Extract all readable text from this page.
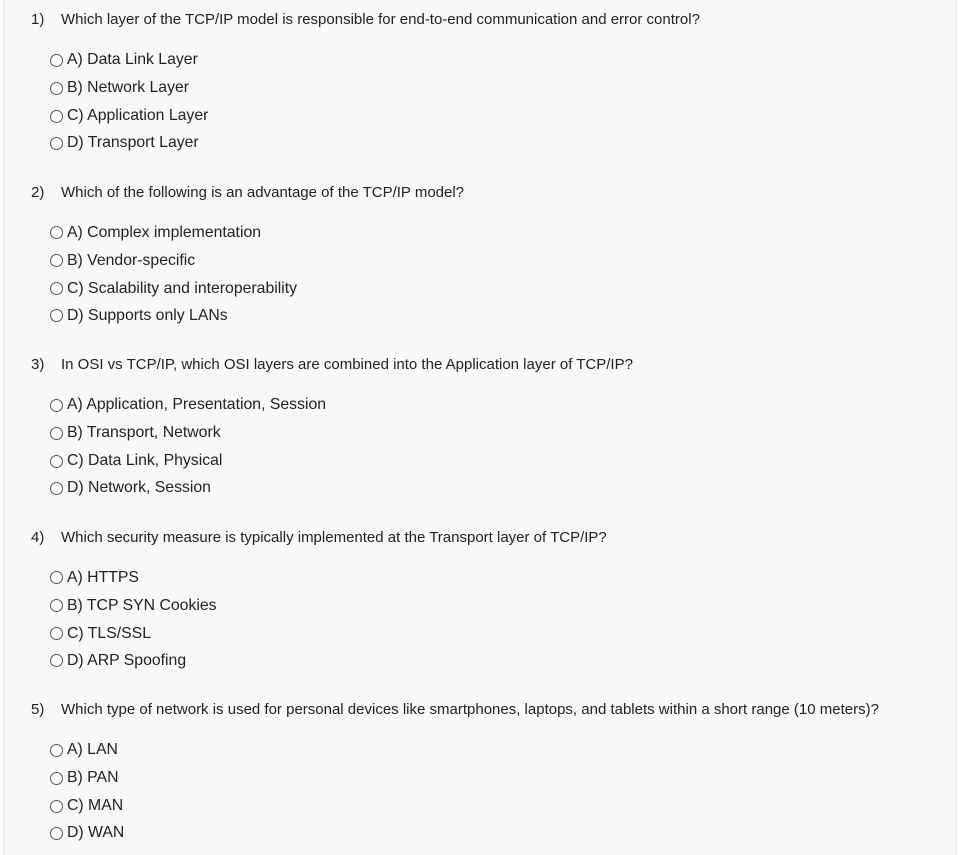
1) Which layer of the TCP/IP model is responsible for end-to-end communication and error control?
A) Data Link Layer
B) Network Layer
C) Application Layer
D) Transport Layer
2) Which of the following is an advantage of the TCP/IP model?
A) Complex implementation
B) Vendor-specific
C) Scalability and interoperability
D) Supports only LANs
3) In OSI vs TCP/IP, which OSI layers are combined into the Application layer of TCP/IP?
A) Application, Presentation, Session
B) Transport, Network
C) Data Link, Physical
D) Network, Session
4) Which security measure is typically implemented at the Transport layer of TCP/IP?
A) HTTPS
B) TCP SYN Cookies
C) TLS/SSL
D) ARP Spoofing
5) Which type of network is used for personal devices like smartphones, laptops, and tablets within a short range (10 meters)?
A) LAN
B) PAN
C) MAN
D) WAN
